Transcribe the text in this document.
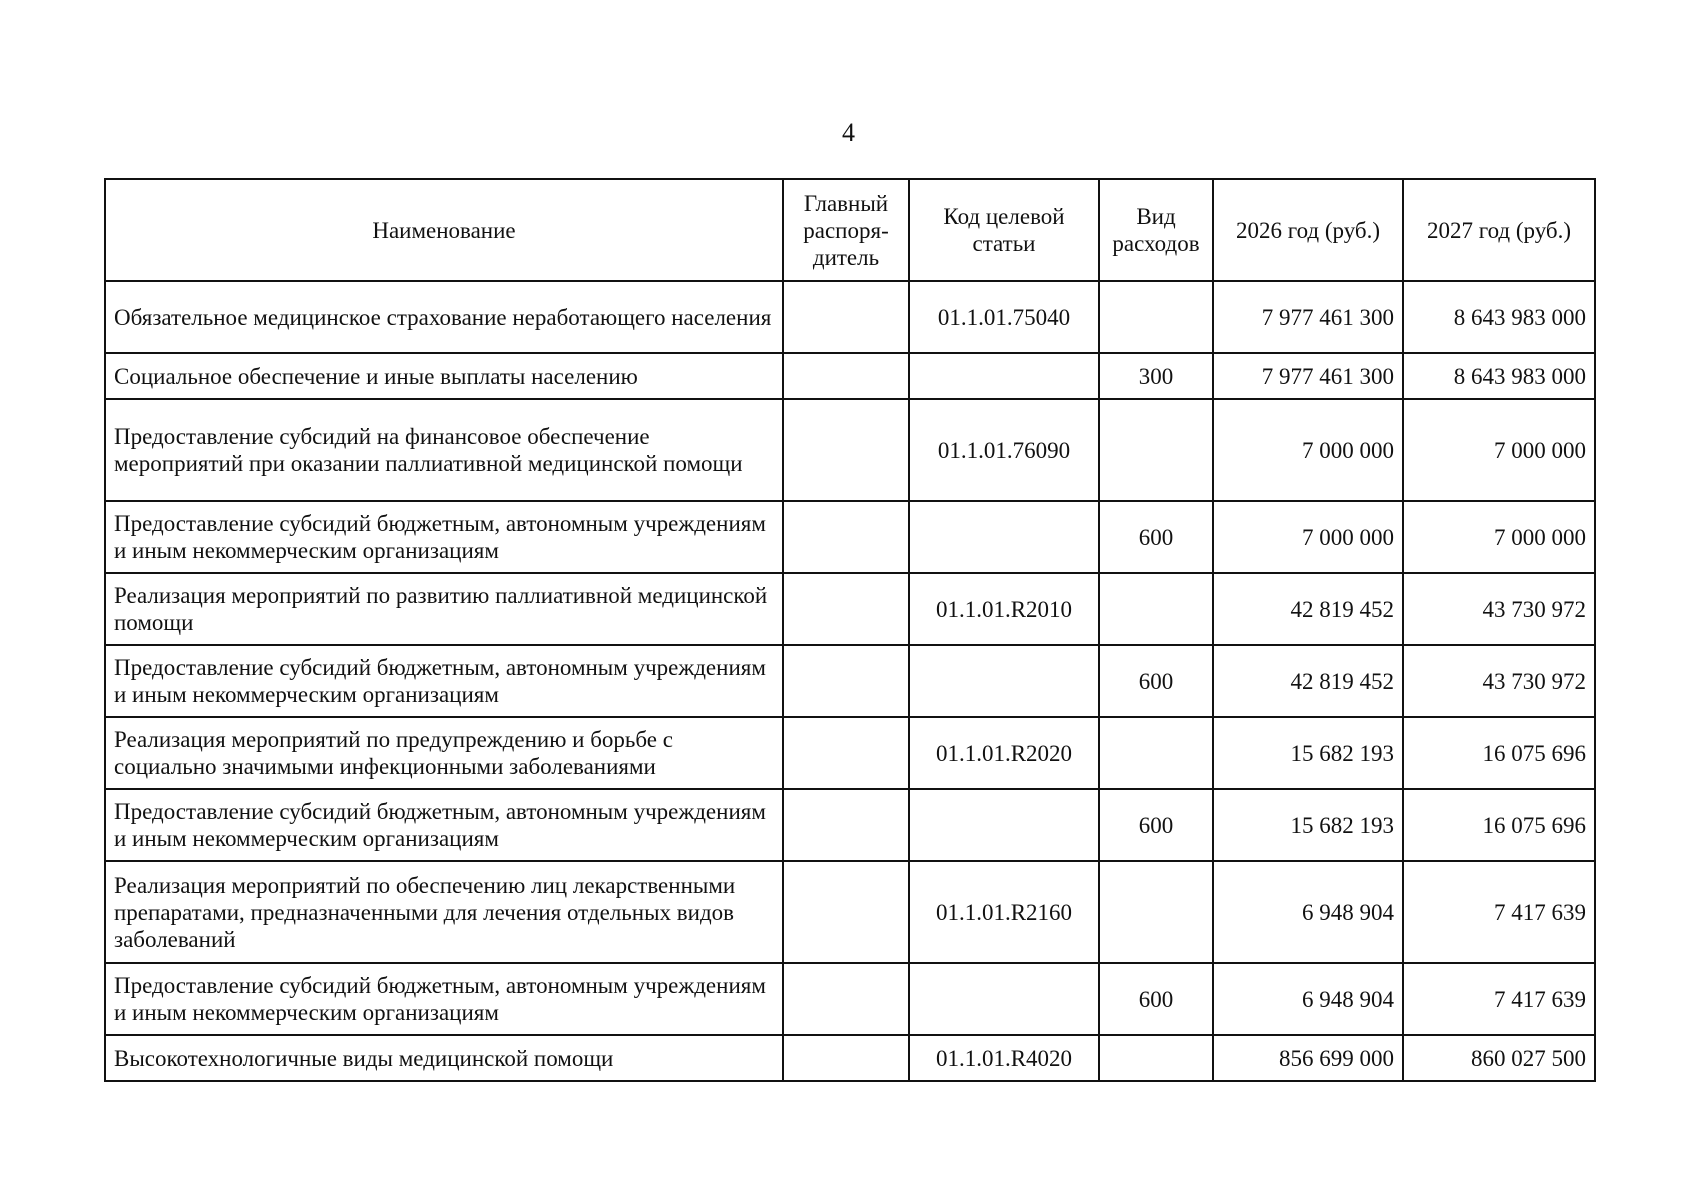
4
Наименование	Главный распоря-дитель	Код целевой статьи	Вид расходов	2026 год (руб.)	2027 год (руб.)
Обязательное медицинское страхование неработающего населения		01.1.01.75040		7 977 461 300	8 643 983 000
Социальное обеспечение и иные выплаты населению			300	7 977 461 300	8 643 983 000
Предоставление субсидий на финансовое обеспечение мероприятий при оказании паллиативной медицинской помощи		01.1.01.76090		7 000 000	7 000 000
Предоставление субсидий бюджетным, автономным учреждениям и иным некоммерческим организациям			600	7 000 000	7 000 000
Реализация мероприятий по развитию паллиативной медицинской помощи		01.1.01.R2010		42 819 452	43 730 972
Предоставление субсидий бюджетным, автономным учреждениям и иным некоммерческим организациям			600	42 819 452	43 730 972
Реализация мероприятий по предупреждению и борьбе с социально значимыми инфекционными заболеваниями		01.1.01.R2020		15 682 193	16 075 696
Предоставление субсидий бюджетным, автономным учреждениям и иным некоммерческим организациям			600	15 682 193	16 075 696
Реализация мероприятий по обеспечению лиц лекарственными препаратами, предназначенными для лечения отдельных видов заболеваний		01.1.01.R2160		6 948 904	7 417 639
Предоставление субсидий бюджетным, автономным учреждениям и иным некоммерческим организациям			600	6 948 904	7 417 639
Высокотехнологичные виды медицинской помощи		01.1.01.R4020		856 699 000	860 027 500
